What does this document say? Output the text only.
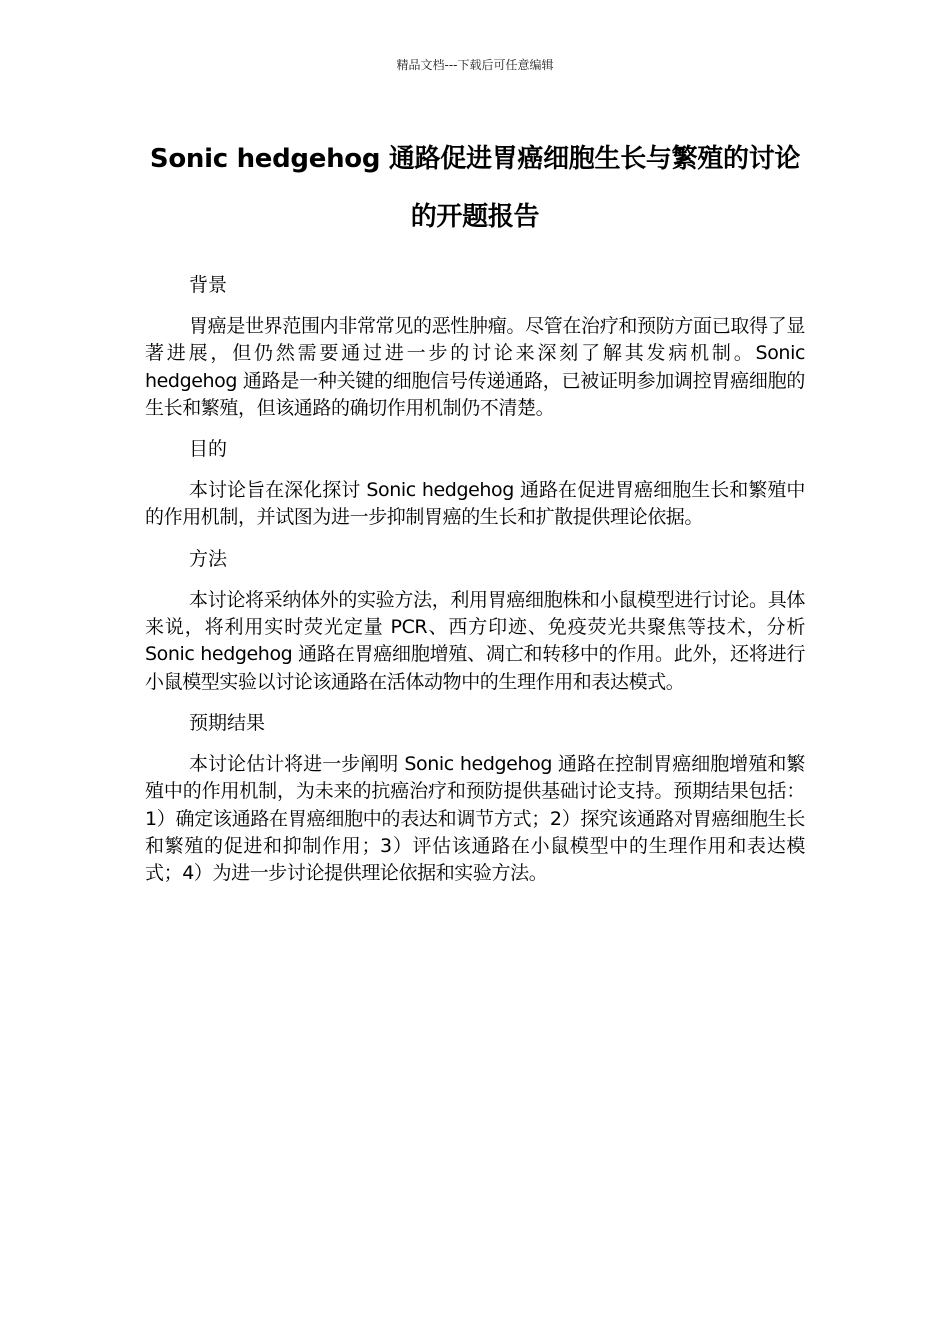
精品文档---下载后可任意编辑
Sonic hedgehog 通路促进胃癌细胞生长与繁殖的讨论的开题报告
背景
胃癌是世界范围内非常常见的恶性肿瘤。尽管在治疗和预防方面已取得了显著进展，但仍然需要通过进一步的讨论来深刻了解其发病机制。Sonic hedgehog 通路是一种关键的细胞信号传递通路，已被证明参加调控胃癌细胞的生长和繁殖，但该通路的确切作用机制仍不清楚。
目的
本讨论旨在深化探讨 Sonic hedgehog 通路在促进胃癌细胞生长和繁殖中的作用机制，并试图为进一步抑制胃癌的生长和扩散提供理论依据。
方法
本讨论将采纳体外的实验方法，利用胃癌细胞株和小鼠模型进行讨论。具体来说，将利用实时荧光定量 PCR、西方印迹、免疫荧光共聚焦等技术，分析 Sonic hedgehog 通路在胃癌细胞增殖、凋亡和转移中的作用。此外，还将进行小鼠模型实验以讨论该通路在活体动物中的生理作用和表达模式。
预期结果
本讨论估计将进一步阐明 Sonic hedgehog 通路在控制胃癌细胞增殖和繁殖中的作用机制，为未来的抗癌治疗和预防提供基础讨论支持。预期结果包括：1）确定该通路在胃癌细胞中的表达和调节方式；2）探究该通路对胃癌细胞生长和繁殖的促进和抑制作用；3）评估该通路在小鼠模型中的生理作用和表达模式；4）为进一步讨论提供理论依据和实验方法。
